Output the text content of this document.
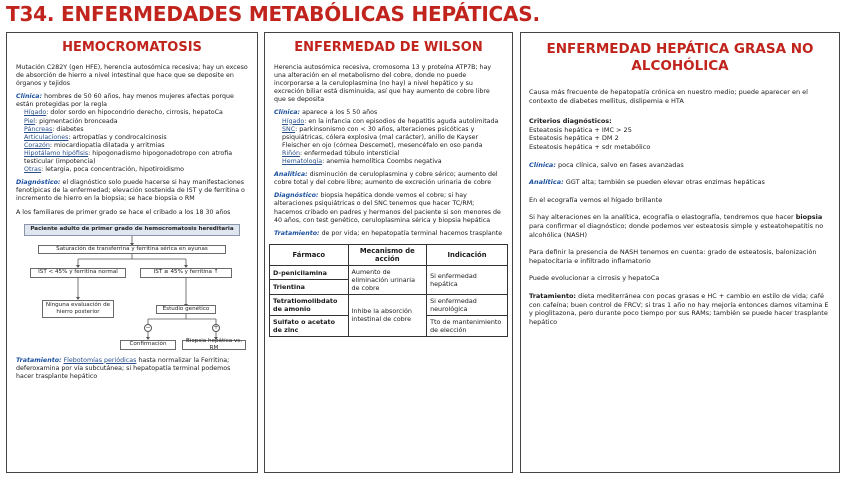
T34. ENFERMEDADES METABÓLICAS HEPÁTICAS.
HEMOCROMATOSIS
Mutación C282Y (gen HFE), herencia autosómica recesiva; hay un exceso de absorción de hierro a nivel intestinal que hace que se deposite en órganos y tejidos
Clínica: hombres de 50 60 años, hay menos mujeres afectas porque están protegidas por la regla
Hígado: dolor sordo en hipocondrio derecho, cirrosis, hepatoCa
Piel: pigmentación bronceada
Páncreas: diabetes
Articulaciones: artropatías y condrocalcinosis
Corazón: miocardiopatía dilatada y arritmias
Hipotálamo hipófisis: hipogonadismo hipogonadotropo con atrofia testicular (impotencia)
Otras: letargia, poca concentración, hipotiroidismo
Diagnóstico: el diagnóstico solo puede hacerse si hay manifestaciones fenotípicas de la enfermedad; elevación sostenida de IST y de ferritina o incremento de hierro en la biopsia; se hace biopsia o RM
A los familiares de primer grado se hace el cribado a los 18 30 años
Paciente adulto de primer grado de hemocromatosis hereditaria
Saturación de transferrina y ferritina sérica en ayunas
IST < 45% y ferritina normal	IST ≥ 45% y ferritina ↑
Ninguna evaluación de hierro posterior	Estudio genético
−	+
Confirmación
Biopsia hepática vs. RM
Tratamiento: Flebotomías periódicas hasta normalizar la Ferritina; deferoxamina por vía subcutánea; si hepatopatía terminal podemos hacer trasplante hepático
ENFERMEDAD DE WILSON
Herencia autosómica recesiva, cromosoma 13 y proteína ATP7B; hay una alteración en el metabolismo del cobre, donde no puede incorporarse a la ceruloplasmina (no hay) a nivel hepático y su excreción biliar está disminuida, así que hay aumento de cobre libre que se deposita
Clínica: aparece a los 5 50 años
Hígado: en la infancia con episodios de hepatitis aguda autolimitada
SNC: parkinsonismo con < 30 años, alteraciones psicóticas y psiquiátricas, cólera explosiva (mal carácter), anillo de Kayser Fleischer en ojo (córnea Descemet), mesencéfalo en oso panda
Riñón: enfermedad túbulo intersticial
Hematología: anemia hemolítica Coombs negativa
Analítica: disminución de ceruloplasmina y cobre sérico; aumento del cobre total y del cobre libre; aumento de excreción urinaria de cobre
Diagnóstico: biopsia hepática donde vemos el cobre; si hay alteraciones psiquiátricas o del SNC tenemos que hacer TC/RM; hacemos cribado en padres y hermanos del paciente si son menores de 40 años, con test genético, ceruloplasmina sérica y biopsia hepática
Tratamiento: de por vida; en hepatopatía terminal hacemos trasplante
Fármaco	Mecanismo de acción	Indicación
D-penicilamina	Aumento de eliminación urinaria de cobre	Si enfermedad hepática
Trientina		
Tetratiomolibdato de amonio	Inhibe la absorción intestinal de cobre	Si enfermedad neurológica
Sulfato o acetato de zinc		Tto de mantenimiento de elección
ENFERMEDAD HEPÁTICA GRASA NO ALCOHÓLICA
Causa más frecuente de hepatopatía crónica en nuestro medio; puede aparecer en el contexto de diabetes mellitus, dislipemia e HTA
Criterios diagnósticos:
Esteatosis hepática + IMC > 25
Esteatosis hepática + DM 2
Esteatosis hepática + sdr metabólico
Clínica: poca clínica, salvo en fases avanzadas
Analítica: GGT alta; también se pueden elevar otras enzimas hepáticas
En el ecografía vemos el hígado brillante
Si hay alteraciones en la analítica, ecografía o elastografía, tendremos que hacer biopsia para confirmar el diagnóstico; donde podemos ver esteatosis simple y esteatohepatitis no alcohólica (NASH)
Para definir la presencia de NASH tenemos en cuenta: grado de esteatosis, balonización hepatocitaria e infiltrado inflamatorio
Puede evolucionar a cirrosis y hepatoCa
Tratamiento: dieta mediterránea con pocas grasas e HC + cambio en estilo de vida; café con cafeína; buen control de FRCV; si tras 1 año no hay mejoría entonces damos vitamina E y pioglitazona, pero durante poco tiempo por sus RAMs; también se puede hacer trasplante hepático
